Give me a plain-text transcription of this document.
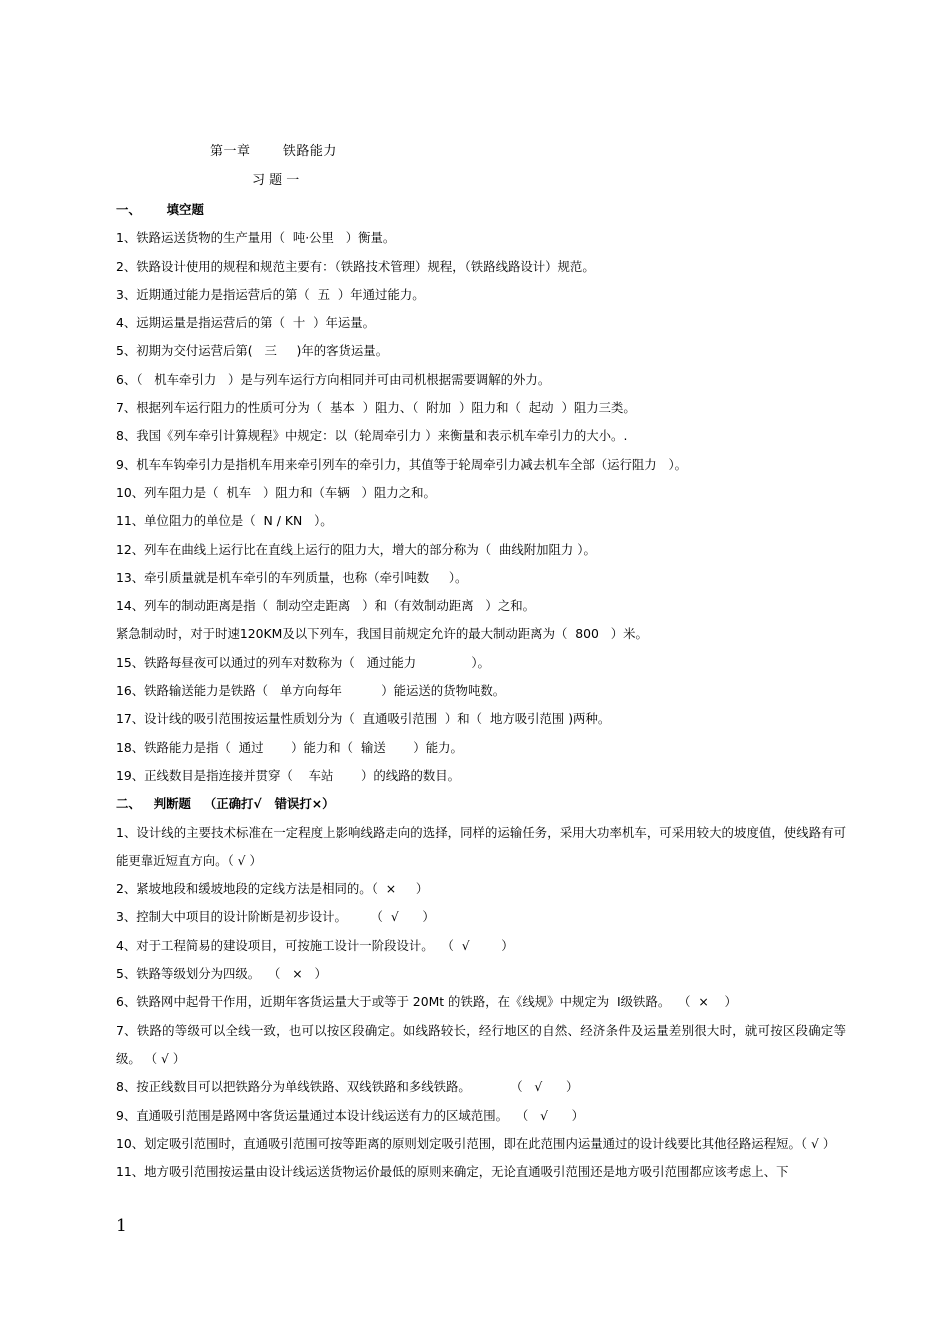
第一章       铁路能力
习 题 一
一、      填空题
1、铁路运送货物的生产量用（  吨·公里   ）衡量。
2、铁路设计使用的规程和规范主要有：（铁路技术管理）规程，（铁路线路设计）规范。
3、近期通过能力是指运营后的第（  五  ）年通过能力。
4、远期运量是指运营后的第（  十  ）年运量。
5、初期为交付运营后第(   三     )年的客货运量。
6、（   机车牵引力   ）是与列车运行方向相同并可由司机根据需要调解的外力。
7、根据列车运行阻力的性质可分为（  基本  ）阻力、（  附加  ）阻力和（  起动  ）阻力三类。
8、我国《列车牵引计算规程》中规定：以（轮周牵引力 ）来衡量和表示机车牵引力的大小。.
9、机车车钩牵引力是指机车用来牵引列车的牵引力，其值等于轮周牵引力减去机车全部（运行阻力   ）。
10、列车阻力是（  机车   ）阻力和（车辆   ）阻力之和。
11、单位阻力的单位是（  N / KN   ）。
12、列车在曲线上运行比在直线上运行的阻力大，增大的部分称为（  曲线附加阻力 ）。
13、牵引质量就是机车牵引的车列质量，也称（牵引吨数     ）。
14、列车的制动距离是指（  制动空走距离   ）和（有效制动距离   ）之和。
紧急制动时，对于时速120KM及以下列车，我国目前规定允许的最大制动距离为（  800   ）米。
15、铁路每昼夜可以通过的列车对数称为（   通过能力              ）。
16、铁路输送能力是铁路（   单方向每年          ）能运送的货物吨数。
17、设计线的吸引范围按运量性质划分为（  直通吸引范围  ）和（  地方吸引范围 )两种。
18、铁路能力是指（  通过       ）能力和（  输送       ）能力。
19、正线数目是指连接并贯穿（    车站       ）的线路的数目。
二、   判断题   （正确打√   错误打×）
1、设计线的主要技术标准在一定程度上影响线路走向的选择，同样的运输任务，采用大功率机车，可采用较大的坡度值，使线路有可能更靠近短直方向。（ √ ）
2、紧坡地段和缓坡地段的定线方法是相同的。（  ×     ）
3、控制大中项目的设计阶断是初步设计。      （  √      ）
4、对于工程简易的建设项目，可按施工设计一阶段设计。  （  √        ）
5、铁路等级划分为四级。  （   ×   ）
6、铁路网中起骨干作用，近期年客货运量大于或等于 20Mt 的铁路，在《线规》中规定为  Ⅰ级铁路。  （  ×    ）
7、铁路的等级可以全线一致，也可以按区段确定。如线路较长，经行地区的自然、经济条件及运量差别很大时，就可按区段确定等级。 （ √ ）
8、按正线数目可以把铁路分为单线铁路、双线铁路和多线铁路。          （   √      ）
9、直通吸引范围是路网中客货运量通过本设计线运送有力的区域范围。  （   √      ）
10、划定吸引范围时，直通吸引范围可按等距离的原则划定吸引范围，即在此范围内运量通过的设计线要比其他径路运程短。（ √ ）
11、地方吸引范围按运量由设计线运送货物运价最低的原则来确定，无论直通吸引范围还是地方吸引范围都应该考虑上、下
1
